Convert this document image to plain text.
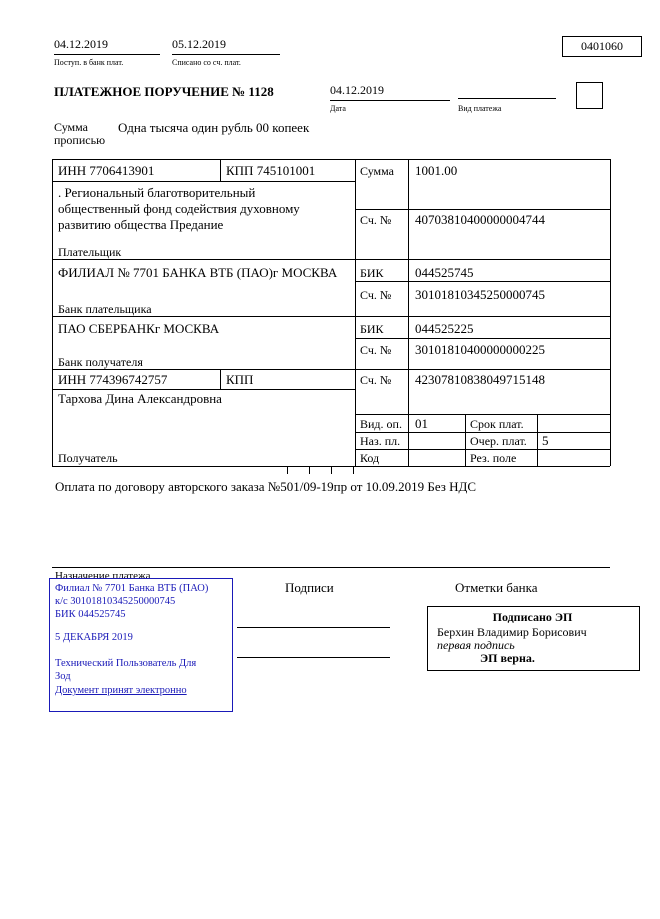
04.12.2019
Поступ. в банк плат.
05.12.2019
Списано со сч. плат.
0401060
ПЛАТЕЖНОЕ ПОРУЧЕНИЕ № 1128	04.12.2019
Дата	Вид платежа
Сумма
прописью
Одна тысяча один рубль 00 копеек
ИНН 7706413901	КПП 745101001	Сумма 1001.00
. Региональный благотворительный
общественный фонд содействия духовному
развитию общества Предание	Сч. № 40703810400000004744
Плательщик
ФИЛИАЛ № 7701 БАНКА ВТБ (ПАО)г МОСКВА БИК 044525745
Сч. № 30101810345250000745
Банк плательщика
ПАО СБЕРБАНКг МОСКВА	БИК 044525225
Сч. № 30101810400000000225
Банк получателя
ИНН 774396742757	КПП	Сч. № 42307810838049715148
Тархова Дина Александровна
Вид. оп. 01	Срок плат.
Наз. пл.	Очер. плат. 5
Получатель	Код	Рез. поле
Оплата по договору авторского заказа №501/09-19пр от 10.09.2019 Без НДС
Назначение платежа
Филиал № 7701 Банка ВТБ (ПАО)
к/с 30101810345250000745
БИК 044525745
5 ДЕКАБРЯ 2019
Технический Пользователь Для
Зод
Документ принят электронно
Подписи	Отметки банка
Подписано ЭП
Берхин Владимир Борисович
первая подпись
ЭП верна.
